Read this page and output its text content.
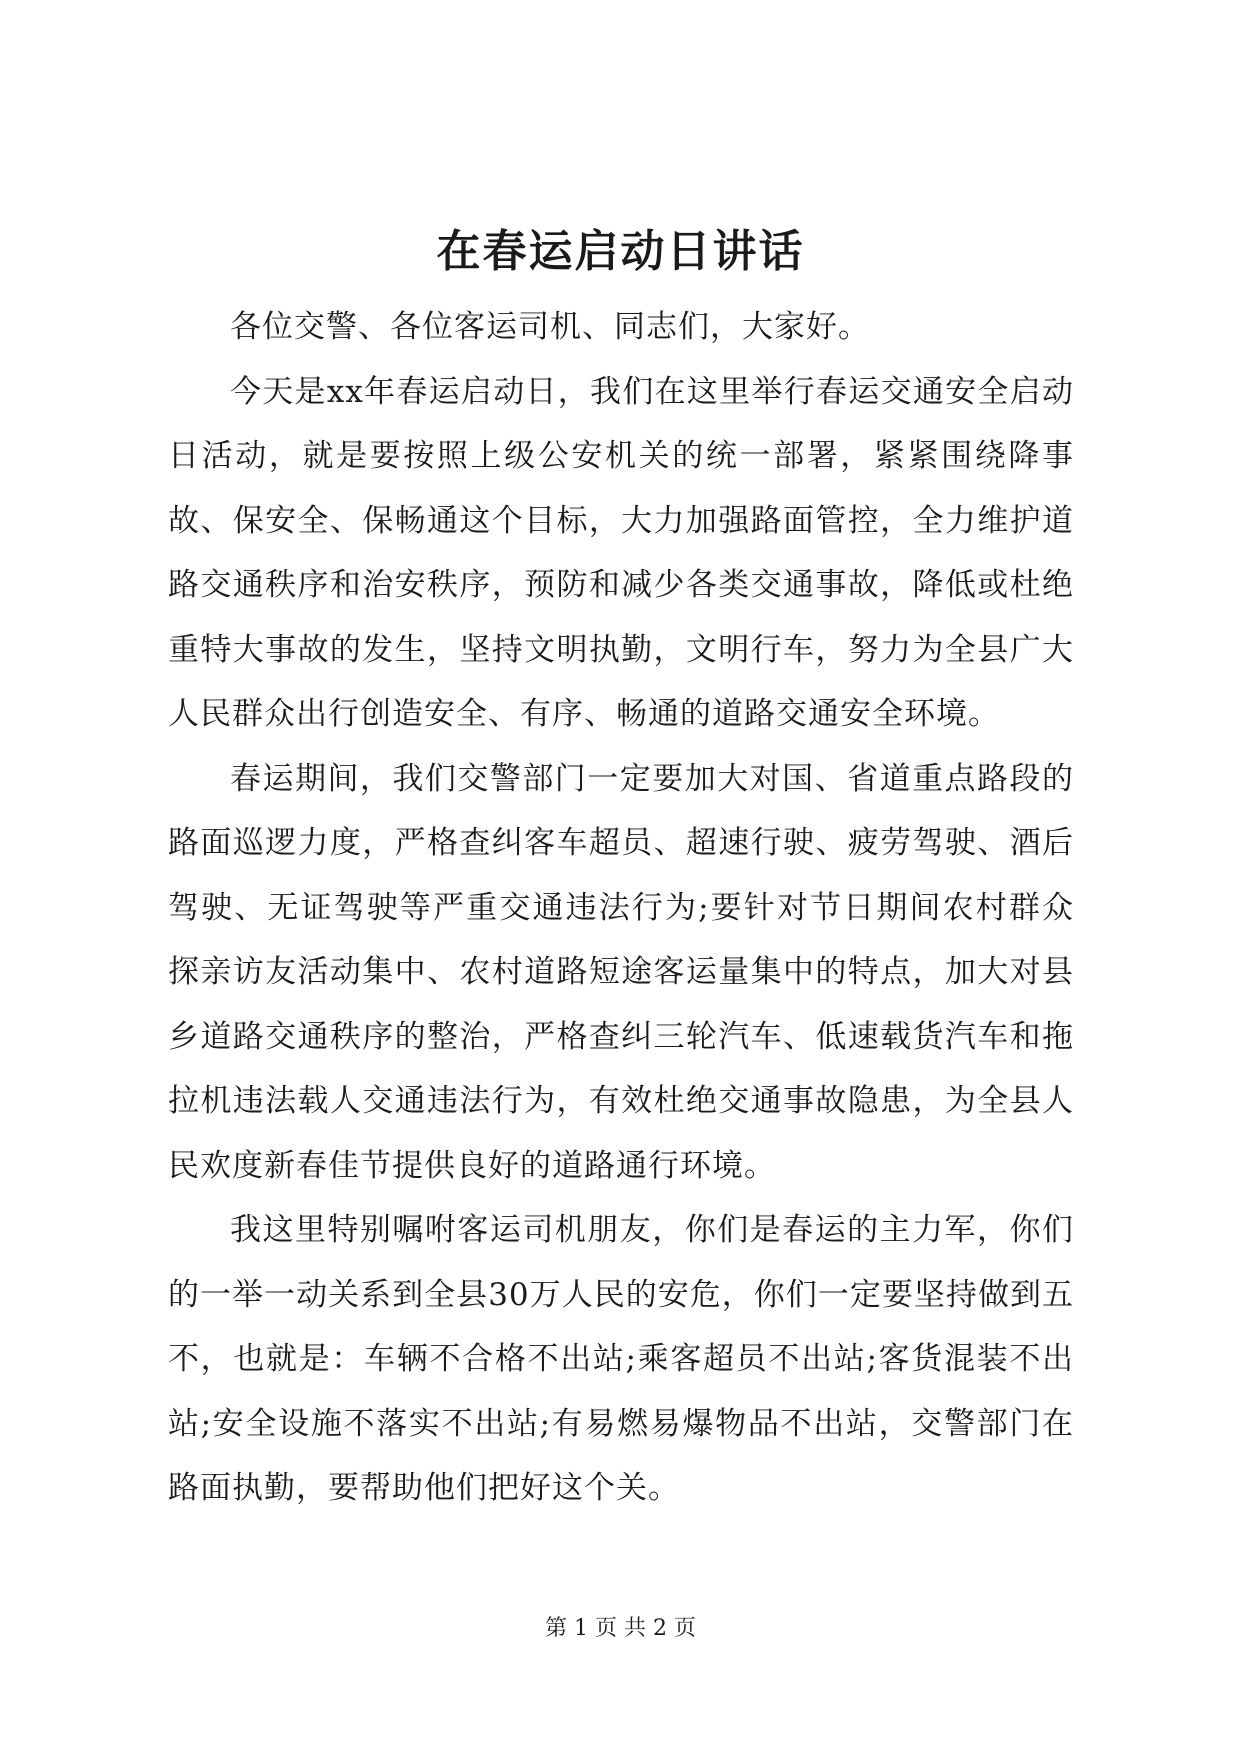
在春运启动日讲话

各位交警、各位客运司机、同志们，大家好。

今天是xx年春运启动日，我们在这里举行春运交通安全启动日活动，就是要按照上级公安机关的统一部署，紧紧围绕降事故、保安全、保畅通这个目标，大力加强路面管控，全力维护道路交通秩序和治安秩序，预防和减少各类交通事故，降低或杜绝重特大事故的发生，坚持文明执勤，文明行车，努力为全县广大人民群众出行创造安全、有序、畅通的道路交通安全环境。

春运期间，我们交警部门一定要加大对国、省道重点路段的路面巡逻力度，严格查纠客车超员、超速行驶、疲劳驾驶、酒后驾驶、无证驾驶等严重交通违法行为;要针对节日期间农村群众探亲访友活动集中、农村道路短途客运量集中的特点，加大对县乡道路交通秩序的整治，严格查纠三轮汽车、低速载货汽车和拖拉机违法载人交通违法行为，有效杜绝交通事故隐患，为全县人民欢度新春佳节提供良好的道路通行环境。

我这里特别嘱咐客运司机朋友，你们是春运的主力军，你们的一举一动关系到全县30万人民的安危，你们一定要坚持做到五不，也就是：车辆不合格不出站;乘客超员不出站;客货混装不出站;安全设施不落实不出站;有易燃易爆物品不出站，交警部门在路面执勤，要帮助他们把好这个关。

第 1 页 共 2 页
